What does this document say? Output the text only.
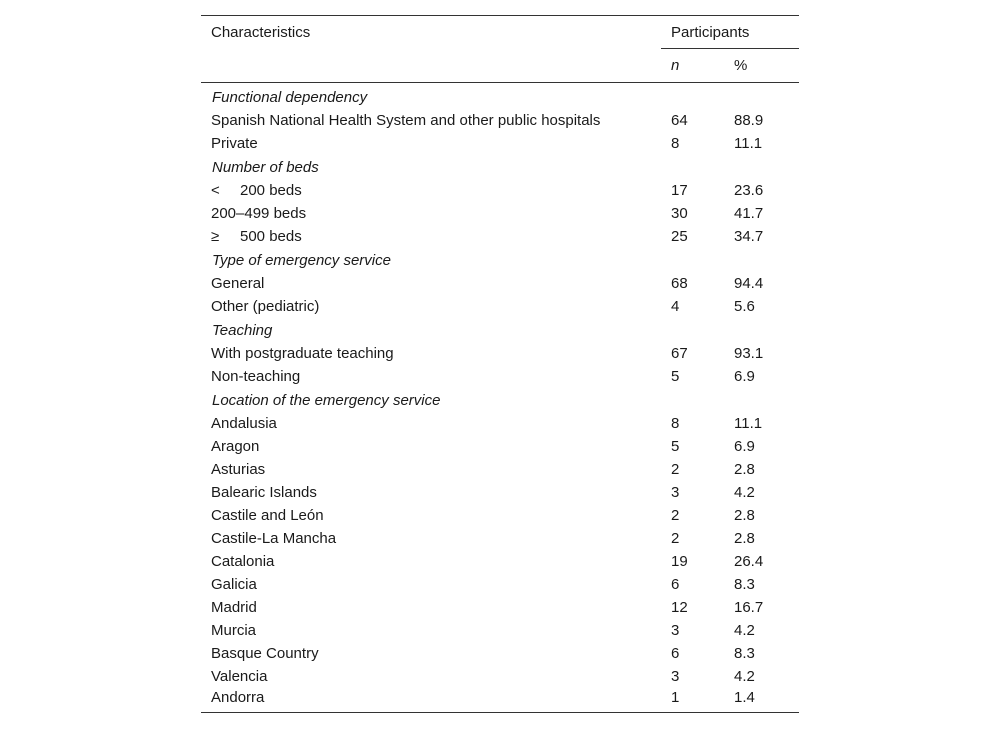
Characteristics	Participants	
	n	%
Functional dependency		
Spanish National Health System and other public hospitals	64	88.9
Private	8	11.1
Number of beds		
< 200 beds	17	23.6
200–499 beds	30	41.7
≥ 500 beds	25	34.7
Type of emergency service		
General	68	94.4
Other (pediatric)	4	5.6
Teaching		
With postgraduate teaching	67	93.1
Non-teaching	5	6.9
Location of the emergency service		
Andalusia	8	11.1
Aragon	5	6.9
Asturias	2	2.8
Balearic Islands	3	4.2
Castile and León	2	2.8
Castile-La Mancha	2	2.8
Catalonia	19	26.4
Galicia	6	8.3
Madrid	12	16.7
Murcia	3	4.2
Basque Country	6	8.3
Valencia	3	4.2
Andorra	1	1.4
